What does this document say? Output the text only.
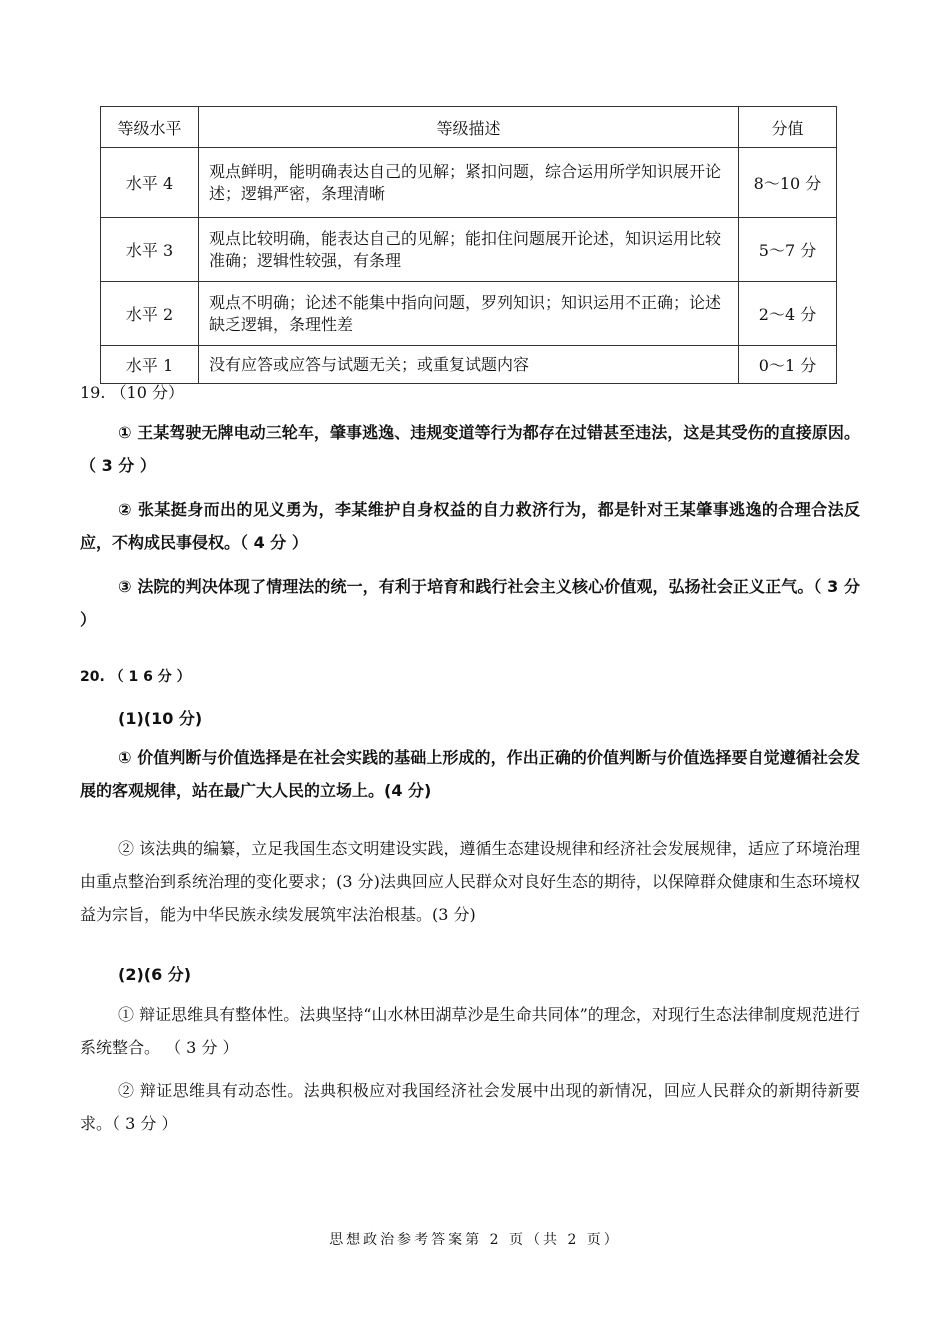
等级水平	等级描述	分值
水平 4	观点鲜明，能明确表达自己的见解；紧扣问题，综合运用所学知识展开论述；逻辑严密，条理清晰	8～10 分
水平 3	观点比较明确，能表达自己的见解；能扣住问题展开论述，知识运用比较准确；逻辑性较强，有条理	5～7 分
水平 2	观点不明确；论述不能集中指向问题，罗列知识；知识运用不正确；论述缺乏逻辑，条理性差	2～4 分
水平 1	没有应答或应答与试题无关；或重复试题内容	0～1 分
19. （10 分）
① 王某驾驶无牌电动三轮车，肇事逃逸、违规变道等行为都存在过错甚至违法，这是其受伤的直接原因。（ 3 分 ）
② 张某挺身而出的见义勇为，李某维护自身权益的自力救济行为，都是针对王某肇事逃逸的合理合法反应，不构成民事侵权。（ 4 分 ）
③ 法院的判决体现了情理法的统一，有利于培育和践行社会主义核心价值观，弘扬社会正义正气。（ 3 分 ）
20. （ 1 6 分 ）
(1)(10 分)
① 价值判断与价值选择是在社会实践的基础上形成的，作出正确的价值判断与价值选择要自觉遵循社会发展的客观规律，站在最广大人民的立场上。(4 分)
② 该法典的编纂，立足我国生态文明建设实践，遵循生态建设规律和经济社会发展规律，适应了环境治理由重点整治到系统治理的变化要求；(3 分)法典回应人民群众对良好生态的期待，以保障群众健康和生态环境权益为宗旨，能为中华民族永续发展筑牢法治根基。(3 分)
(2)(6 分)
① 辩证思维具有整体性。法典坚持“山水林田湖草沙是生命共同体”的理念，对现行生态法律制度规范进行系统整合。 （ 3 分 ）
② 辩证思维具有动态性。法典积极应对我国经济社会发展中出现的新情况，回应人民群众的新期待新要求。（ 3 分 ）
思想政治参考答案第 2 页（共 2 页）
